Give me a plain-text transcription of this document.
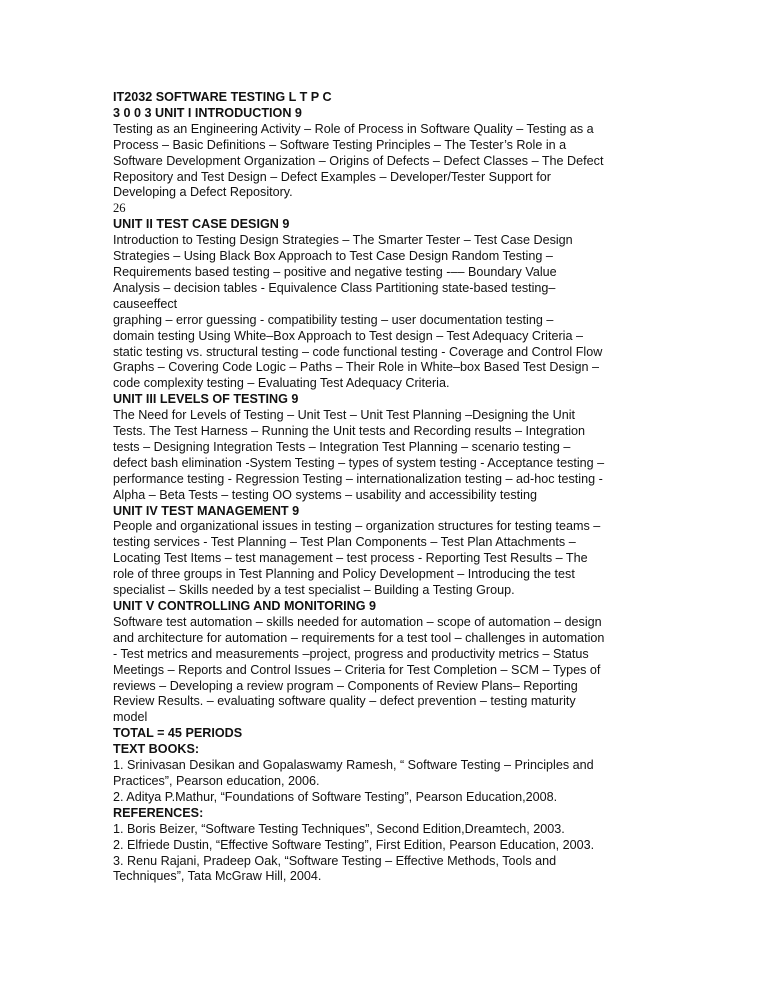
IT2032 SOFTWARE TESTING L T P C
3 0 0 3 UNIT I INTRODUCTION 9
Testing as an Engineering Activity – Role of Process in Software Quality – Testing as a
Process – Basic Definitions – Software Testing Principles – The Tester’s Role in a
Software Development Organization – Origins of Defects – Defect Classes – The Defect
Repository and Test Design – Defect Examples – Developer/Tester Support for
Developing a Defect Repository.
26
UNIT II TEST CASE DESIGN 9
Introduction to Testing Design Strategies – The Smarter Tester – Test Case Design
Strategies – Using Black Box Approach to Test Case Design Random Testing –
Requirements based testing – positive and negative testing -–– Boundary Value
Analysis – decision tables - Equivalence Class Partitioning state-based testing–
causeeffect
graphing – error guessing - compatibility testing – user documentation testing –
domain testing Using White–Box Approach to Test design – Test Adequacy Criteria –
static testing vs. structural testing – code functional testing - Coverage and Control Flow
Graphs – Covering Code Logic – Paths – Their Role in White–box Based Test Design –
code complexity testing – Evaluating Test Adequacy Criteria.
UNIT III LEVELS OF TESTING 9
The Need for Levels of Testing – Unit Test – Unit Test Planning –Designing the Unit
Tests. The Test Harness – Running the Unit tests and Recording results – Integration
tests – Designing Integration Tests – Integration Test Planning – scenario testing –
defect bash elimination -System Testing – types of system testing - Acceptance testing –
performance testing - Regression Testing – internationalization testing – ad-hoc testing -
Alpha – Beta Tests – testing OO systems – usability and accessibility testing
UNIT IV TEST MANAGEMENT 9
People and organizational issues in testing – organization structures for testing teams –
testing services - Test Planning – Test Plan Components – Test Plan Attachments –
Locating Test Items – test management – test process - Reporting Test Results – The
role of three groups in Test Planning and Policy Development – Introducing the test
specialist – Skills needed by a test specialist – Building a Testing Group.
UNIT V CONTROLLING AND MONITORING 9
Software test automation – skills needed for automation – scope of automation – design
and architecture for automation – requirements for a test tool – challenges in automation
- Test metrics and measurements –project, progress and productivity metrics – Status
Meetings – Reports and Control Issues – Criteria for Test Completion – SCM – Types of
reviews – Developing a review program – Components of Review Plans– Reporting
Review Results. – evaluating software quality – defect prevention – testing maturity
model
TOTAL = 45 PERIODS
TEXT BOOKS:
1. Srinivasan Desikan and Gopalaswamy Ramesh, “ Software Testing – Principles and
Practices”, Pearson education, 2006.
2. Aditya P.Mathur, “Foundations of Software Testing”, Pearson Education,2008.
REFERENCES:
1. Boris Beizer, “Software Testing Techniques”, Second Edition,Dreamtech, 2003.
2. Elfriede Dustin, “Effective Software Testing”, First Edition, Pearson Education, 2003.
3. Renu Rajani, Pradeep Oak, “Software Testing – Effective Methods, Tools and
Techniques”, Tata McGraw Hill, 2004.
